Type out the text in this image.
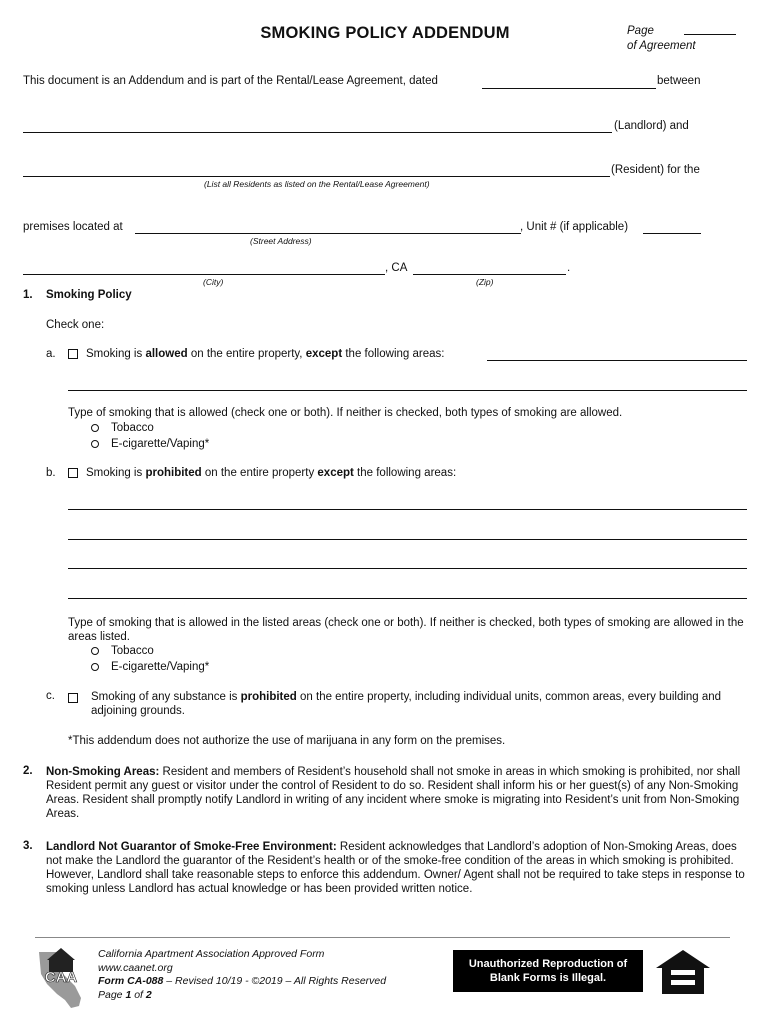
SMOKING POLICY ADDENDUM	Page
of Agreement
This document is an Addendum and is part of the Rental/Lease Agreement, dated	between
(Landlord) and
(Resident) for the
(List all Residents as listed on the Rental/Lease Agreement)
premises located at	, Unit # (if applicable)
(Street Address)
, CA	.
(City)	(Zip)
1. Smoking Policy
Check one:
a.	Smoking is allowed on the entire property, except the following areas:
Type of smoking that is allowed (check one or both). If neither is checked, both types of smoking are allowed.
Tobacco
E-cigarette/Vaping*
b.	Smoking is prohibited on the entire property except the following areas:
Type of smoking that is allowed in the listed areas (check one or both). If neither is checked, both types of smoking are allowed in the areas listed.
Tobacco
E-cigarette/Vaping*
c.	Smoking of any substance is prohibited on the entire property, including individual units, common areas, every building and adjoining grounds.
*This addendum does not authorize the use of marijuana in any form on the premises.
2. Non-Smoking Areas: Resident and members of Resident’s household shall not smoke in areas in which smoking is prohibited, nor shall Resident permit any guest or visitor under the control of Resident to do so. Resident shall inform his or her guest(s) of any Non-Smoking Areas. Resident shall promptly notify Landlord in writing of any incident where smoke is migrating into Resident’s unit from Non-Smoking Areas.
3. Landlord Not Guarantor of Smoke-Free Environment: Resident acknowledges that Landlord’s adoption of Non-Smoking Areas, does not make the Landlord the guarantor of the Resident’s health or of the smoke-free condition of the areas in which smoking is prohibited. However, Landlord shall take reasonable steps to enforce this addendum. Owner/ Agent shall not be required to take steps in response to smoking unless Landlord has actual knowledge or has been provided written notice.
CAA
California Apartment Association Approved Form
www.caanet.org
Form CA-088 – Revised 10/19 - ©2019 – All Rights Reserved
Page 1 of 2
Unauthorized Reproduction of
Blank Forms is Illegal.
